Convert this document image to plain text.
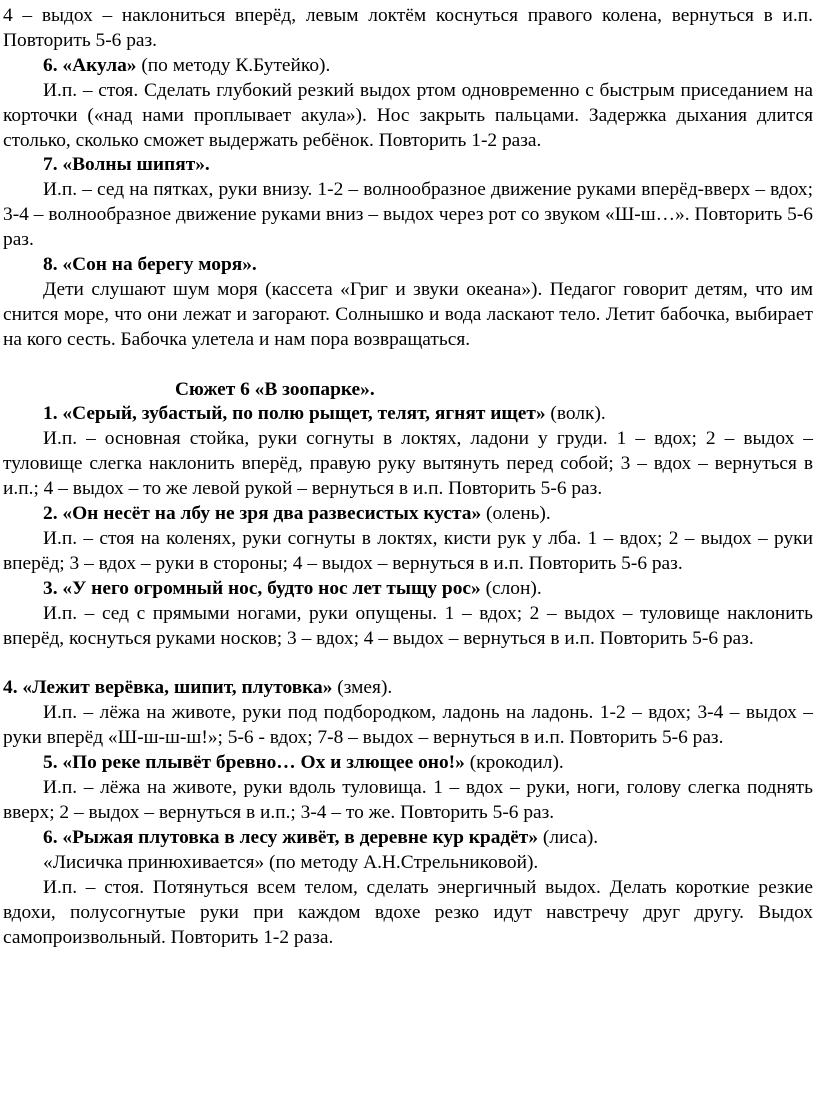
4 – выдох – наклониться вперёд, левым локтём коснуться правого колена, вернуться в и.п. Повторить 5-6 раз.

6. «Акула» (по методу К.Бутейко).

И.п. – стоя. Сделать глубокий резкий выдох ртом одновременно с быстрым приседанием на корточки («над нами проплывает акула»). Нос закрыть пальцами. Задержка дыхания длится столько, сколько сможет выдержать ребёнок. Повторить 1-2 раза.

7. «Волны шипят».

И.п. – сед на пятках, руки внизу. 1-2 – волнообразное движение руками вперёд-вверх – вдох; 3-4 – волнообразное движение руками вниз – выдох через рот со звуком «Ш-ш…». Повторить 5-6 раз.

8. «Сон на берегу моря».

Дети слушают шум моря (кассета «Григ и звуки океана»). Педагог говорит детям, что им снится море, что они лежат и загорают. Солнышко и вода ласкают тело. Летит бабочка, выбирает на кого сесть. Бабочка улетела и нам пора возвращаться.

Сюжет 6 «В зоопарке».

1. «Серый, зубастый, по полю рыщет, телят, ягнят ищет» (волк).

И.п. – основная стойка, руки согнуты в локтях, ладони у груди. 1 – вдох; 2 – выдох – туловище слегка наклонить вперёд, правую руку вытянуть перед собой; 3 – вдох – вернуться в и.п.; 4 – выдох – то же левой рукой – вернуться в и.п. Повторить 5-6 раз.

2. «Он несёт на лбу не зря два развесистых куста» (олень).

И.п. – стоя на коленях, руки согнуты в локтях, кисти рук у лба. 1 – вдох; 2 – выдох – руки вперёд; 3 – вдох – руки в стороны; 4 – выдох – вернуться в и.п. Повторить 5-6 раз.

3. «У него огромный нос, будто нос лет тыщу рос» (слон).

И.п. – сед с прямыми ногами, руки опущены. 1 – вдох; 2 – выдох – туловище наклонить вперёд, коснуться руками носков; 3 – вдох; 4 – выдох – вернуться в и.п. Повторить 5-6 раз.

4. «Лежит верёвка, шипит, плутовка» (змея).

И.п. – лёжа на животе, руки под подбородком, ладонь на ладонь. 1-2 – вдох; 3-4 – выдох – руки вперёд «Ш-ш-ш-ш!»; 5-6 - вдох; 7-8 – выдох – вернуться в и.п. Повторить 5-6 раз.

5. «По реке плывёт бревно… Ох и злющее оно!» (крокодил).

И.п. – лёжа на животе, руки вдоль туловища. 1 – вдох – руки, ноги, голову слегка поднять вверх; 2 – выдох – вернуться в и.п.; 3-4 – то же. Повторить 5-6 раз.

6. «Рыжая плутовка в лесу живёт, в деревне кур крадёт» (лиса).

«Лисичка принюхивается» (по методу А.Н.Стрельниковой).

И.п. – стоя. Потянуться всем телом, сделать энергичный выдох. Делать короткие резкие вдохи, полусогнутые руки при каждом вдохе резко идут навстречу друг другу. Выдох самопроизвольный. Повторить 1-2 раза.
